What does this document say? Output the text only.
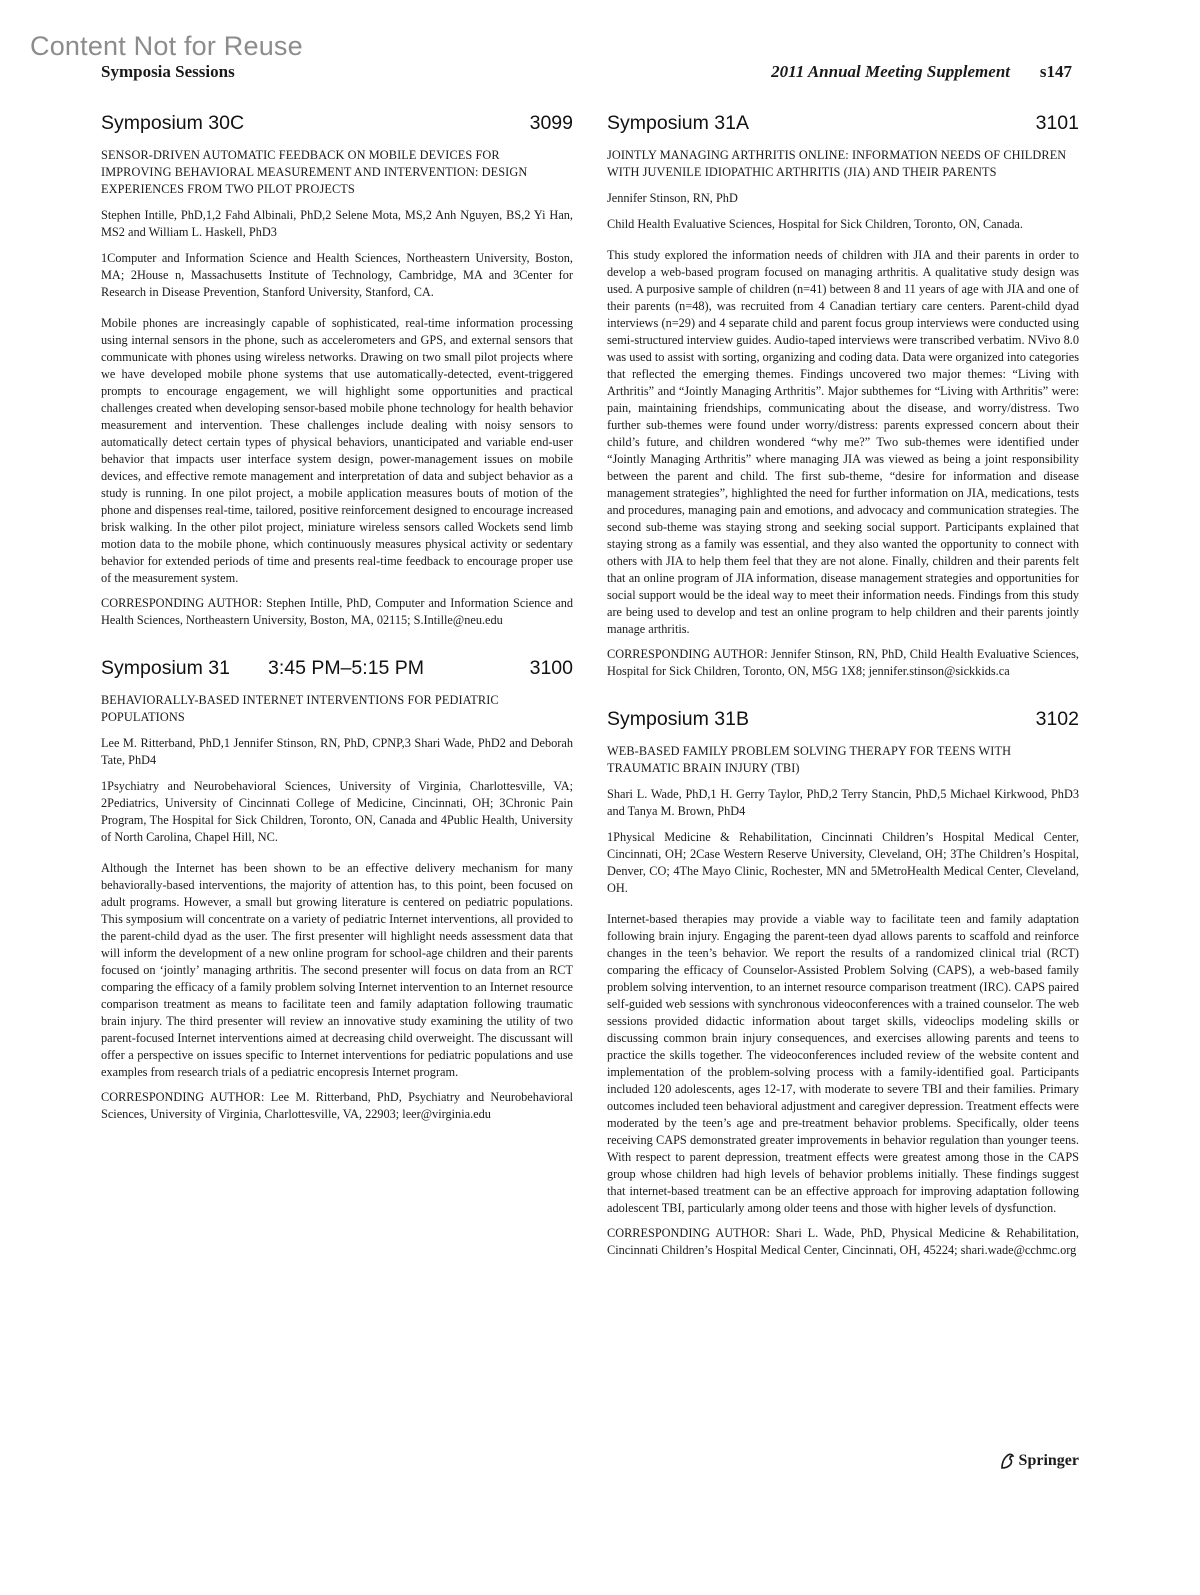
Content Not for Reuse
Symposia Sessions	2011 Annual Meeting Supplement s147
Symposium 30C	3099

SENSOR-DRIVEN AUTOMATIC FEEDBACK ON MOBILE DEVICES FOR IMPROVING BEHAVIORAL MEASUREMENT AND INTERVENTION: DESIGN EXPERIENCES FROM TWO PILOT PROJECTS

Stephen Intille, PhD,1,2 Fahd Albinali, PhD,2 Selene Mota, MS,2 Anh Nguyen, BS,2 Yi Han, MS2 and William L. Haskell, PhD3

1Computer and Information Science and Health Sciences, Northeastern University, Boston, MA; 2House n, Massachusetts Institute of Technology, Cambridge, MA and 3Center for Research in Disease Prevention, Stanford University, Stanford, CA.

Mobile phones are increasingly capable of sophisticated, real-time information processing using internal sensors in the phone, such as accelerometers and GPS, and external sensors that communicate with phones using wireless networks. Drawing on two small pilot projects where we have developed mobile phone systems that use automatically-detected, event-triggered prompts to encourage engagement, we will highlight some opportunities and practical challenges created when developing sensor-based mobile phone technology for health behavior measurement and intervention. These challenges include dealing with noisy sensors to automatically detect certain types of physical behaviors, unanticipated and variable end-user behavior that impacts user interface system design, power-management issues on mobile devices, and effective remote management and interpretation of data and subject behavior as a study is running. In one pilot project, a mobile application measures bouts of motion of the phone and dispenses real-time, tailored, positive reinforcement designed to encourage increased brisk walking. In the other pilot project, miniature wireless sensors called Wockets send limb motion data to the mobile phone, which continuously measures physical activity or sedentary behavior for extended periods of time and presents real-time feedback to encourage proper use of the measurement system.

CORRESPONDING AUTHOR: Stephen Intille, PhD, Computer and Information Science and Health Sciences, Northeastern University, Boston, MA, 02115; S.Intille@neu.edu

Symposium 31	3:45 PM–5:15 PM	3100

BEHAVIORALLY-BASED INTERNET INTERVENTIONS FOR PEDIATRIC POPULATIONS

Lee M. Ritterband, PhD,1 Jennifer Stinson, RN, PhD, CPNP,3 Shari Wade, PhD2 and Deborah Tate, PhD4

1Psychiatry and Neurobehavioral Sciences, University of Virginia, Charlottesville, VA; 2Pediatrics, University of Cincinnati College of Medicine, Cincinnati, OH; 3Chronic Pain Program, The Hospital for Sick Children, Toronto, ON, Canada and 4Public Health, University of North Carolina, Chapel Hill, NC.

Although the Internet has been shown to be an effective delivery mechanism for many behaviorally-based interventions, the majority of attention has, to this point, been focused on adult programs. However, a small but growing literature is centered on pediatric populations. This symposium will concentrate on a variety of pediatric Internet interventions, all provided to the parent-child dyad as the user. The first presenter will highlight needs assessment data that will inform the development of a new online program for school-age children and their parents focused on ‘jointly’ managing arthritis. The second presenter will focus on data from an RCT comparing the efficacy of a family problem solving Internet intervention to an Internet resource comparison treatment as means to facilitate teen and family adaptation following traumatic brain injury. The third presenter will review an innovative study examining the utility of two parent-focused Internet interventions aimed at decreasing child overweight. The discussant will offer a perspective on issues specific to Internet interventions for pediatric populations and use examples from research trials of a pediatric encopresis Internet program.

CORRESPONDING AUTHOR: Lee M. Ritterband, PhD, Psychiatry and Neurobehavioral Sciences, University of Virginia, Charlottesville, VA, 22903; leer@virginia.edu

Symposium 31A	3101

JOINTLY MANAGING ARTHRITIS ONLINE: INFORMATION NEEDS OF CHILDREN WITH JUVENILE IDIOPATHIC ARTHRITIS (JIA) AND THEIR PARENTS

Jennifer Stinson, RN, PhD

Child Health Evaluative Sciences, Hospital for Sick Children, Toronto, ON, Canada.

This study explored the information needs of children with JIA and their parents in order to develop a web-based program focused on managing arthritis. A qualitative study design was used. A purposive sample of children (n=41) between 8 and 11 years of age with JIA and one of their parents (n=48), was recruited from 4 Canadian tertiary care centers. Parent-child dyad interviews (n=29) and 4 separate child and parent focus group interviews were conducted using semi-structured interview guides. Audio-taped interviews were transcribed verbatim. NVivo 8.0 was used to assist with sorting, organizing and coding data. Data were organized into categories that reflected the emerging themes. Findings uncovered two major themes: “Living with Arthritis” and “Jointly Managing Arthritis”. Major subthemes for “Living with Arthritis” were: pain, maintaining friendships, communicating about the disease, and worry/distress. Two further sub-themes were found under worry/distress: parents expressed concern about their child’s future, and children wondered “why me?” Two sub-themes were identified under “Jointly Managing Arthritis” where managing JIA was viewed as being a joint responsibility between the parent and child. The first sub-theme, “desire for information and disease management strategies”, highlighted the need for further information on JIA, medications, tests and procedures, managing pain and emotions, and advocacy and communication strategies. The second sub-theme was staying strong and seeking social support. Participants explained that staying strong as a family was essential, and they also wanted the opportunity to connect with others with JIA to help them feel that they are not alone. Finally, children and their parents felt that an online program of JIA information, disease management strategies and opportunities for social support would be the ideal way to meet their information needs. Findings from this study are being used to develop and test an online program to help children and their parents jointly manage arthritis.

CORRESPONDING AUTHOR: Jennifer Stinson, RN, PhD, Child Health Evaluative Sciences, Hospital for Sick Children, Toronto, ON, M5G 1X8; jennifer.stinson@sickkids.ca

Symposium 31B	3102

WEB-BASED FAMILY PROBLEM SOLVING THERAPY FOR TEENS WITH TRAUMATIC BRAIN INJURY (TBI)

Shari L. Wade, PhD,1 H. Gerry Taylor, PhD,2 Terry Stancin, PhD,5 Michael Kirkwood, PhD3 and Tanya M. Brown, PhD4

1Physical Medicine & Rehabilitation, Cincinnati Children’s Hospital Medical Center, Cincinnati, OH; 2Case Western Reserve University, Cleveland, OH; 3The Children’s Hospital, Denver, CO; 4The Mayo Clinic, Rochester, MN and 5MetroHealth Medical Center, Cleveland, OH.

Internet-based therapies may provide a viable way to facilitate teen and family adaptation following brain injury. Engaging the parent-teen dyad allows parents to scaffold and reinforce changes in the teen’s behavior. We report the results of a randomized clinical trial (RCT) comparing the efficacy of Counselor-Assisted Problem Solving (CAPS), a web-based family problem solving intervention, to an internet resource comparison treatment (IRC). CAPS paired self-guided web sessions with synchronous videoconferences with a trained counselor. The web sessions provided didactic information about target skills, videoclips modeling skills or discussing common brain injury consequences, and exercises allowing parents and teens to practice the skills together. The videoconferences included review of the website content and implementation of the problem-solving process with a family-identified goal. Participants included 120 adolescents, ages 12-17, with moderate to severe TBI and their families. Primary outcomes included teen behavioral adjustment and caregiver depression. Treatment effects were moderated by the teen’s age and pre-treatment behavior problems. Specifically, older teens receiving CAPS demonstrated greater improvements in behavior regulation than younger teens. With respect to parent depression, treatment effects were greatest among those in the CAPS group whose children had high levels of behavior problems initially. These findings suggest that internet-based treatment can be an effective approach for improving adaptation following adolescent TBI, particularly among older teens and those with higher levels of dysfunction.

CORRESPONDING AUTHOR: Shari L. Wade, PhD, Physical Medicine & Rehabilitation, Cincinnati Children’s Hospital Medical Center, Cincinnati, OH, 45224; shari.wade@cchmc.org

Springer
